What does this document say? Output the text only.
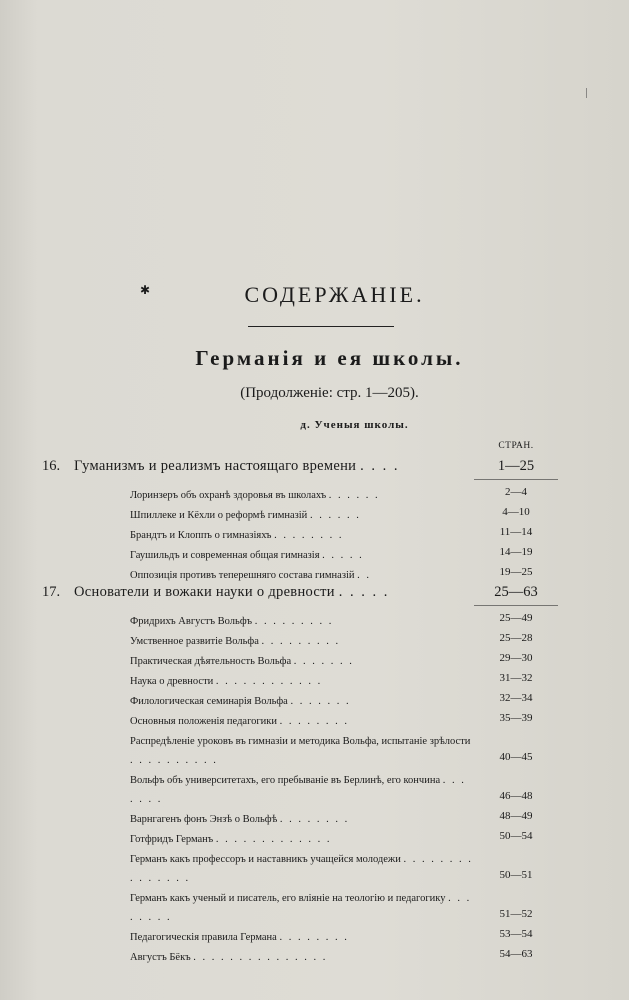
✱	СОДЕРЖАНІЕ.
Германія и ея школы.
(Продолженіе: стр. 1—205).
д. Ученыя школы.
СТРАН.
16. Гуманизмъ и реализмъ настоящаго времени . . . .	1—25
Лоринзеръ объ охранѣ здоровья въ школахъ . . . . . .	2—4
Шпиллеке и Кёхли о реформѣ гимназій . . . . . .	4—10
Брандтъ и Клоппъ о гимназіяхъ . . . . . . . .	11—14
Гаушильдъ и современная общая гимназія . . . . .	14—19
Оппозиція противъ теперешняго состава гимназій . .	19—25
17. Основатели и вожаки науки о древности . . . . .	25—63
Фридрихъ Августъ Вольфъ . . . . . . . . .	25—49
Умственное развитіе Вольфа . . . . . . . . .	25—28
Практическая дѣятельность Вольфа . . . . . . .	29—30
Наука о древности . . . . . . . . . . . .	31—32
Филологическая семинарія Вольфа . . . . . . .	32—34
Основныя положенія педагогики . . . . . . . .	35—39
Распредѣленіе уроковъ въ гимназіи и методика Вольфа, испытаніе зрѣлости . . . . . . . . . .	40—45
Вольфъ объ университетахъ, его пребываніе въ Берлинѣ, его кончина . . . . . . .	46—48
Варнгагенъ фонъ Энзѣ о Вольфѣ . . . . . . . .	48—49
Готфридъ Германъ . . . . . . . . . . . . .	50—54
Германъ какъ профессоръ и наставникъ учащейся молодежи . . . . . . . . . . . . . . .	50—51
Германъ какъ ученый и писатель, его вліяніе на теологію и педагогику . . . . . . . .	51—52
Педагогическія правила Германа . . . . . . . .	53—54
Августъ Бёкъ . . . . . . . . . . . . . . .	54—63
